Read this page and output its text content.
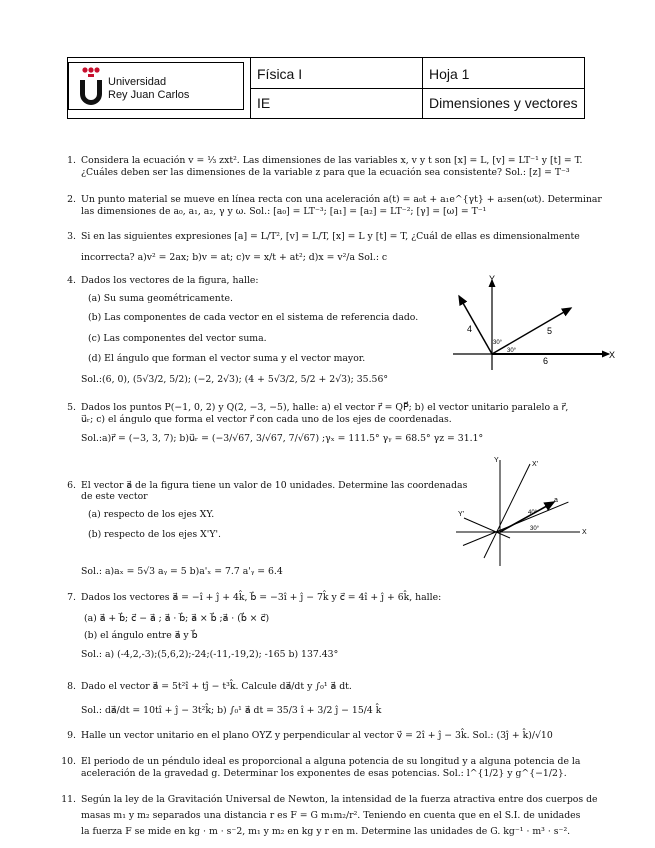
Universidad
Rey Juan Carlos
Física I	Hoja 1
IE	Dimensiones y vectores
1. Considera la ecuación v = ⅓ zxt². Las dimensiones de las variables x, v y t son [x] = L, [v] = LT⁻¹ y [t] = T.
¿Cuáles deben ser las dimensiones de la variable z para que la ecuación sea consistente? Sol.: [z] = T⁻³
2. Un punto material se mueve en línea recta con una aceleración a(t) = a₀t + a₁e^{γt} + a₂sen(ωt). Determinar
las dimensiones de a₀, a₁, a₂, γ y ω. Sol.: [a₀] = LT⁻³; [a₁] = [a₂] = LT⁻²; [γ] = [ω] = T⁻¹
3. Si en las siguientes expresiones [a] = L/T², [v] = L/T, [x] = L y [t] = T, ¿Cuál de ellas es dimensionalmente
incorrecta? a)v² = 2ax; b)v = at; c)v = x/t + at²; d)x = v²/a Sol.: c
4. Dados los vectores de la figura, halle:
(a) Su suma geométricamente.
(b) Las componentes de cada vector en el sistema de referencia dado.
(c) Las componentes del vector suma.
(d) El ángulo que forman el vector suma y el vector mayor.
Sol.:(6, 0), (5√3/2, 5/2); (−2, 2√3); (4 + 5√3/2, 5/2 + 2√3); 35.56°
X
Y
4	5
6
30°
30°
5. Dados los puntos P(−1, 0, 2) y Q(2, −3, −5), halle: a) el vector r⃗ = QP⃗; b) el vector unitario paralelo a r⃗,
u⃗ᵣ; c) el ángulo que forma el vector r⃗ con cada uno de los ejes de coordenadas.
Sol.:a)r⃗ = (−3, 3, 7); b)u⃗ᵣ = (−3/√67, 3/√67, 7/√67) ;γₓ = 111.5° γᵧ = 68.5° γz = 31.1°
6. El vector a⃗ de la figura tiene un valor de 10 unidades. Determine las coordenadas
de este vector
(a) respecto de los ejes XY.
(b) respecto de los ejes X'Y'.
Sol.: a)aₓ = 5√3 aᵧ = 5 b)a'ₓ = 7.7 a'ᵧ = 6.4
Y
X'
Y'
X
a
40°
30°
7. Dados los vectores a⃗ = −î + ĵ + 4k̂, b⃗ = −3î + ĵ − 7k̂ y c⃗ = 4î + ĵ + 6k̂, halle:
(a) a⃗ + b⃗; c⃗ − a⃗ ; a⃗ · b⃗; a⃗ × b⃗ ;a⃗ · (b⃗ × c⃗)
(b) el ángulo entre a⃗ y b⃗
Sol.: a) (-4,2,-3);(5,6,2);-24;(-11,-19,2); -165 b) 137.43°
8. Dado el vector a⃗ = 5t²î + tĵ − t³k̂. Calcule da⃗/dt y ∫₀¹ a⃗ dt.
Sol.: da⃗/dt = 10tî + ĵ − 3t²k̂; b) ∫₀¹ a⃗ dt = 35/3 î + 3/2 ĵ − 15/4 k̂
9. Halle un vector unitario en el plano OYZ y perpendicular al vector v⃗ = 2î + ĵ − 3k̂. Sol.: (3ĵ + k̂)/√10
10. El periodo de un péndulo ideal es proporcional a alguna potencia de su longitud y a alguna potencia de la
aceleración de la gravedad g. Determinar los exponentes de esas potencias. Sol.: l^{1/2} y g^{−1/2}.
11. Según la ley de la Gravitación Universal de Newton, la intensidad de la fuerza atractiva entre dos cuerpos de
masas m₁ y m₂ separados una distancia r es F = G m₁m₂/r². Teniendo en cuenta que en el S.I. de unidades
la fuerza F se mide en kg · m · s⁻2, m₁ y m₂ en kg y r en m. Determine las unidades de G. kg⁻¹ · m³ · s⁻².
